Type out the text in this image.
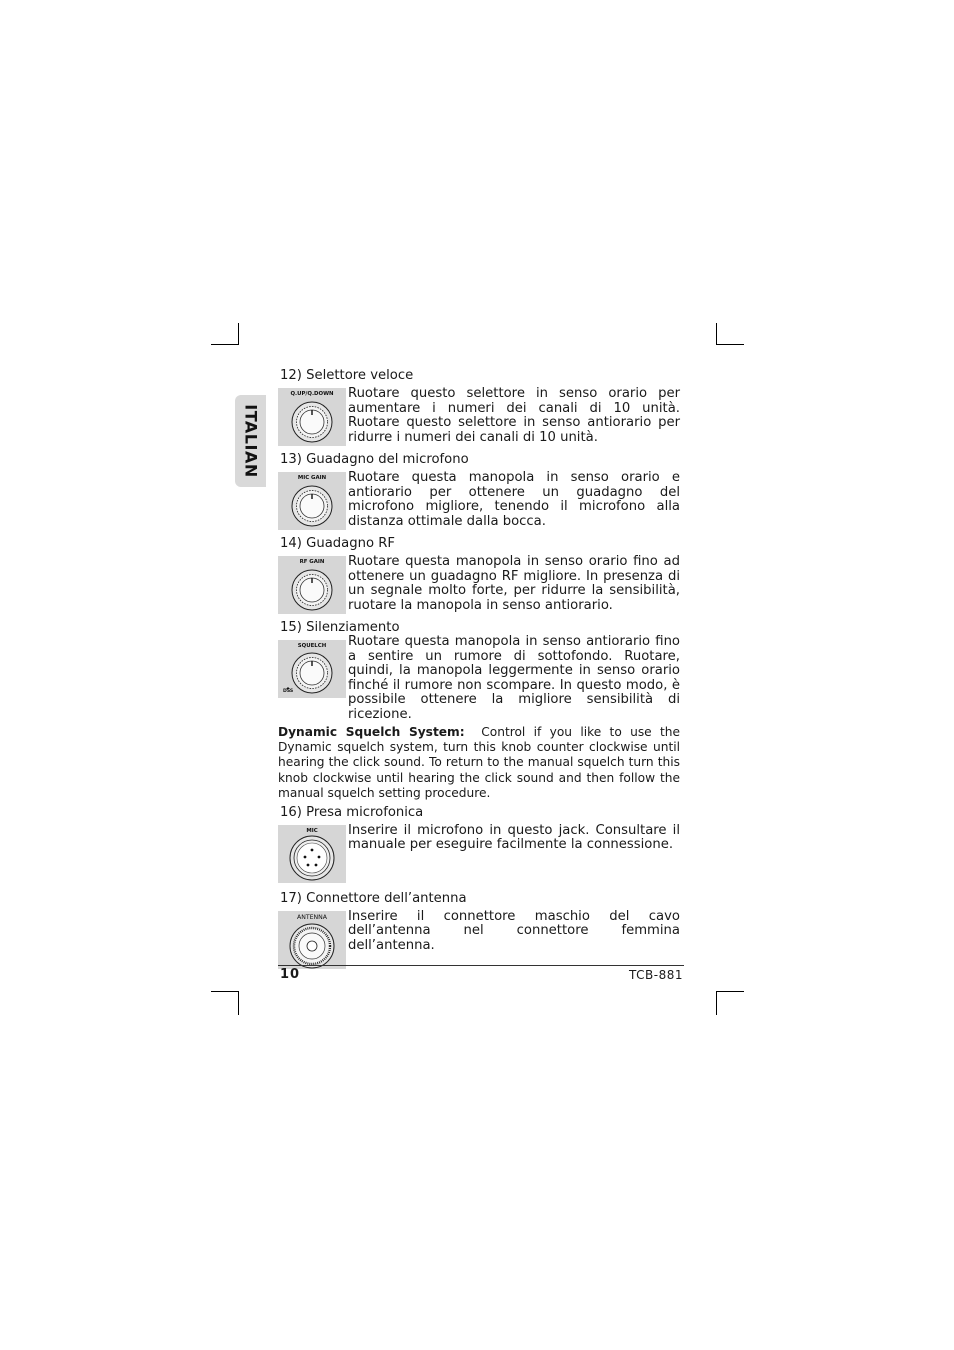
ITALIAN
12) Selettore veloce
Q.UP/Q.DOWN	Ruotare questo selettore in senso orario per aumentare i numeri dei canali di 10 unità. Ruotare questo selettore in senso antiorario per ridurre i numeri dei canali di 10 unità.
13) Guadagno del microfono
MIC GAIN	Ruotare questa manopola in senso orario e antiorario per ottenere un guadagno del microfono migliore, tenendo il microfono alla distanza ottimale dalla bocca.
14) Guadagno RF
RF GAIN	Ruotare questa manopola in senso orario fino ad ottenere un guadagno RF migliore. In presenza di un segnale molto forte, per ridurre la sensibilità, ruotare la manopola in senso antiorario.
15) Silenziamento
SQUELCH
DSS
Ruotare questa manopola in senso antiorario fino a sentire un rumore di sottofondo. Ruotare, quindi, la manopola leggermente in senso orario finché il rumore non scompare. In questo modo, è possibile ottenere la migliore sensibilità di ricezione.
Dynamic Squelch System: Control if you like to use the Dynamic squelch system, turn this knob counter clockwise until hearing the click sound. To return to the manual squelch turn this knob clockwise until hearing the click sound and then follow the manual squelch setting procedure.
16) Presa microfonica
MIC	Inserire il microfono in questo jack. Consultare il manuale per eseguire facilmente la connessione.
17) Connettore dell’antenna
ANTENNA	Inserire il connettore maschio del cavo dell’antenna nel connettore femmina dell’antenna.
10	TCB-881
